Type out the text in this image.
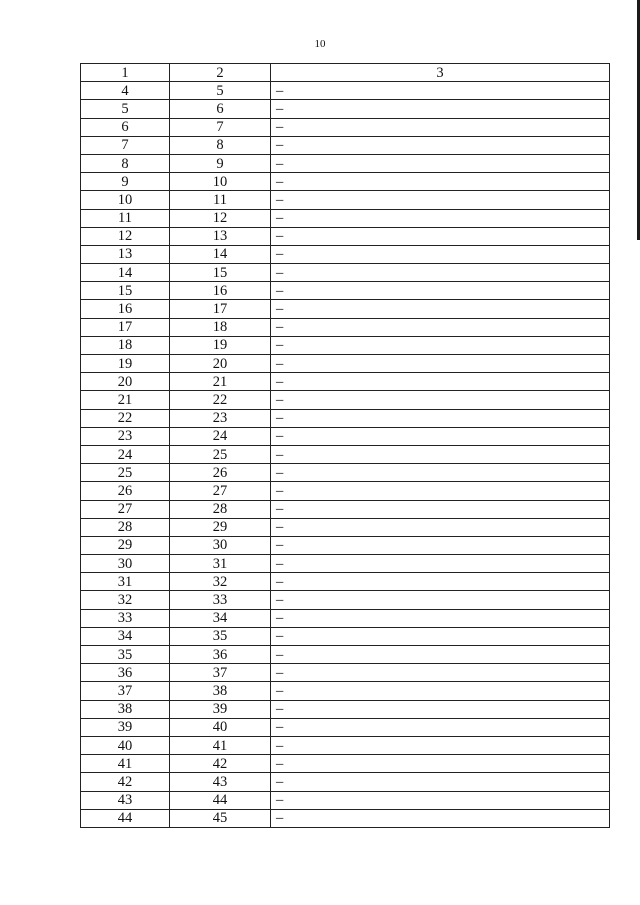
10
1	2	3
4	5	–
5	6	–
6	7	–
7	8	–
8	9	–
9	10	–
10	11	–
11	12	–
12	13	–
13	14	–
14	15	–
15	16	–
16	17	–
17	18	–
18	19	–
19	20	–
20	21	–
21	22	–
22	23	–
23	24	–
24	25	–
25	26	–
26	27	–
27	28	–
28	29	–
29	30	–
30	31	–
31	32	–
32	33	–
33	34	–
34	35	–
35	36	–
36	37	–
37	38	–
38	39	–
39	40	–
40	41	–
41	42	–
42	43	–
43	44	–
44	45	–
